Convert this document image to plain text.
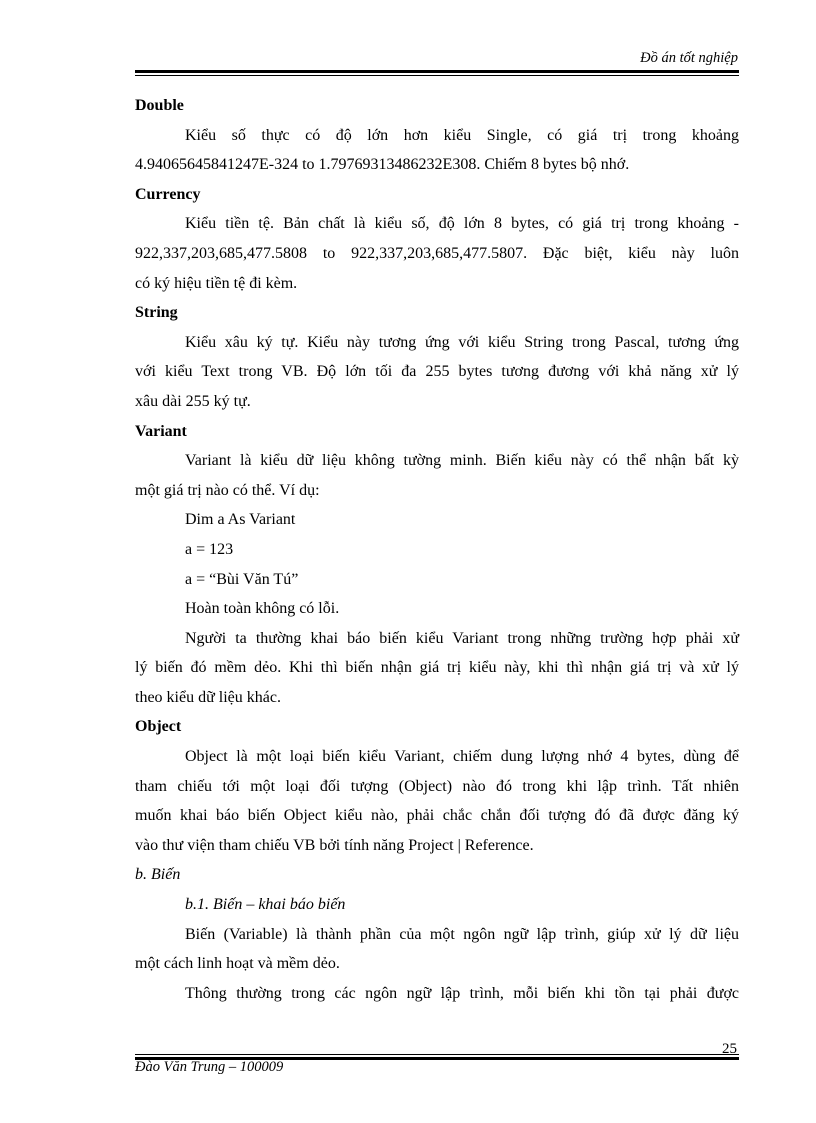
Đồ án tốt nghiệp

Double

Kiểu số thực có độ lớn hơn kiểu Single, có giá trị trong khoảng

4.94065645841247E-324 to 1.79769313486232E308. Chiếm 8 bytes bộ nhớ.

Currency

Kiểu tiền tệ. Bản chất là kiểu số, độ lớn 8 bytes, có giá trị trong khoảng -

922,337,203,685,477.5808 to 922,337,203,685,477.5807. Đặc biệt, kiểu này luôn

có ký hiệu tiền tệ đi kèm.

String

Kiểu xâu ký tự. Kiểu này tương ứng với kiểu String trong Pascal, tương ứng

với kiểu Text trong VB. Độ lớn tối đa 255 bytes tương đương với khả năng xử lý

xâu dài 255 ký tự.

Variant

Variant là kiểu dữ liệu không tường minh. Biến kiểu này có thể nhận bất kỳ

một giá trị nào có thể. Ví dụ:

Dim a As Variant

a = 123

a = “Bùi Văn Tú”

Hoàn toàn không có lỗi.

Người ta thường khai báo biến kiểu Variant trong những trường hợp phải xử

lý biến đó mềm dẻo. Khi thì biến nhận giá trị kiểu này, khi thì nhận giá trị và xử lý

theo kiểu dữ liệu khác.

Object

Object là một loại biến kiểu Variant, chiếm dung lượng nhớ 4 bytes, dùng để

tham chiếu tới một loại đối tượng (Object) nào đó trong khi lập trình. Tất nhiên

muốn khai báo biến Object kiểu nào, phải chắc chắn đối tượng đó đã được đăng ký

vào thư viện tham chiếu VB bởi tính năng Project | Reference.

b. Biến

b.1. Biến – khai báo biến

Biến (Variable) là thành phần của một ngôn ngữ lập trình, giúp xử lý dữ liệu

một cách linh hoạt và mềm dẻo.

Thông thường trong các ngôn ngữ lập trình, mỗi biến khi tồn tại phải được

25
Đào Văn Trung – 100009
